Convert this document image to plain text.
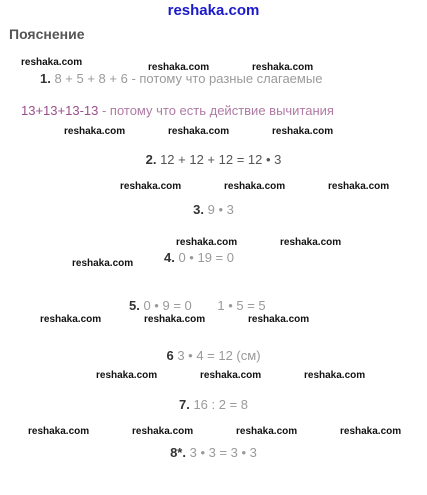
reshaka.com
Пояснение
reshaka.com	reshaka.com	reshaka.com
1. 8 + 5 + 8 + 6 - потому что разные слагаемые
13+13+13-13 - потому что есть действие вычитания
reshaka.com	reshaka.com	reshaka.com
2. 12 + 12 + 12 = 12 • 3
reshaka.com	reshaka.com	reshaka.com
3. 9 • 3
reshaka.com	reshaka.com
4. 0 • 19 = 0
reshaka.com
5. 0 • 9 = 0 1 • 5 = 5
reshaka.com	reshaka.com	reshaka.com
6 3 • 4 = 12 (см)
reshaka.com	reshaka.com	reshaka.com
7. 16 : 2 = 8
reshaka.com	reshaka.com	reshaka.com	reshaka.com
8*. 3 • 3 = 3 • 3
